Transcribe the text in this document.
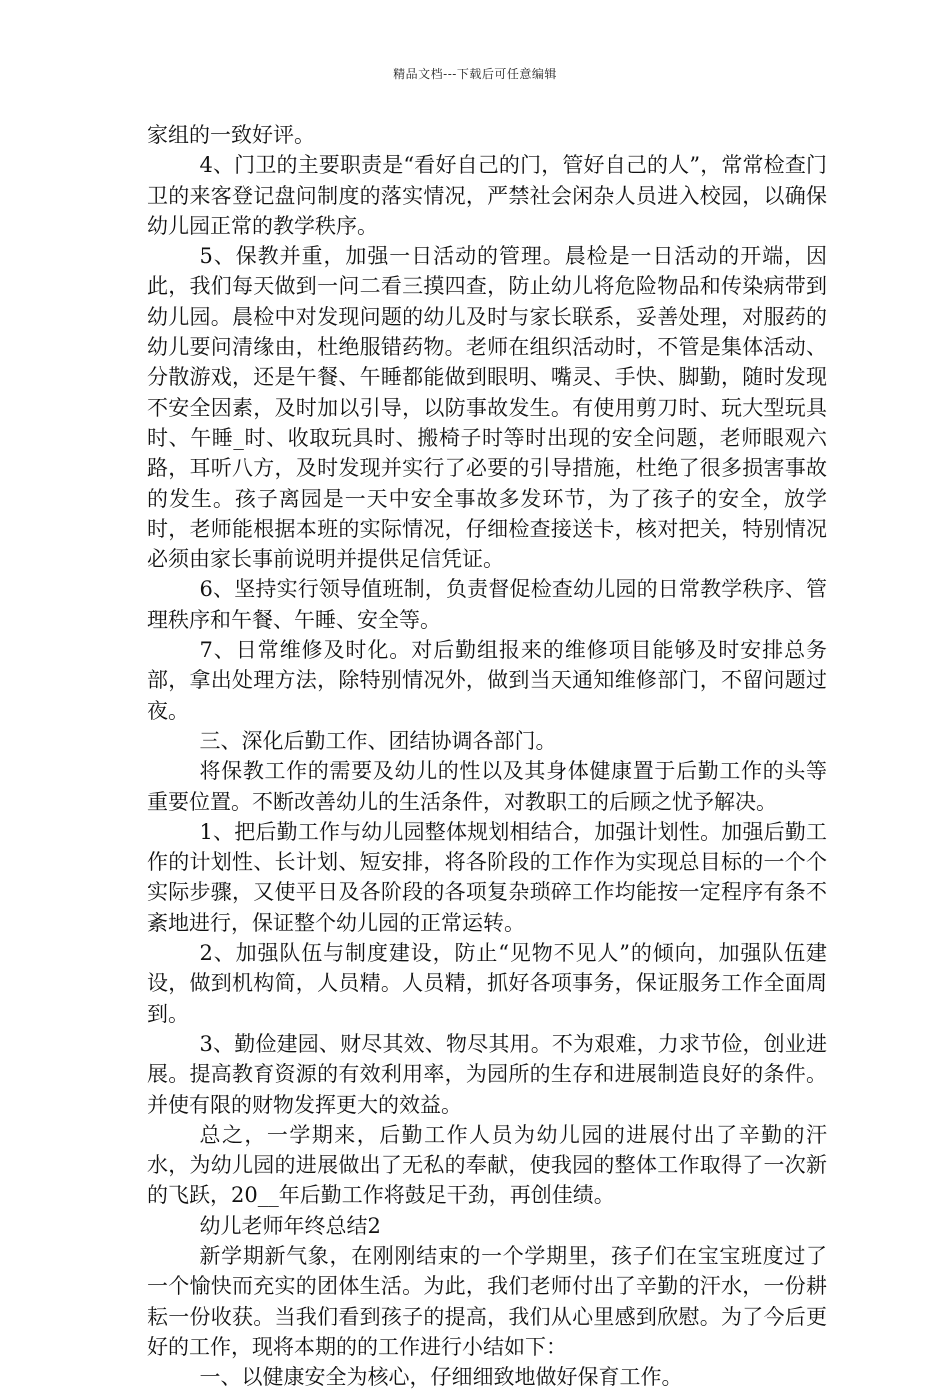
精品文档---下载后可任意编辑

家组的一致好评。

4、门卫的主要职责是“看好自己的门，管好自己的人”，常常检查门卫的来客登记盘问制度的落实情况，严禁社会闲杂人员进入校园，以确保幼儿园正常的教学秩序。

5、保教并重，加强一日活动的管理。晨检是一日活动的开端，因此，我们每天做到一问二看三摸四查，防止幼儿将危险物品和传染病带到幼儿园。晨检中对发现问题的幼儿及时与家长联系，妥善处理，对服药的幼儿要问清缘由，杜绝服错药物。老师在组织活动时，不管是集体活动、分散游戏，还是午餐、午睡都能做到眼明、嘴灵、手快、脚勤，随时发现不安全因素，及时加以引导，以防事故发生。有使用剪刀时、玩大型玩具时、午睡_时、收取玩具时、搬椅子时等时出现的安全问题，老师眼观六路，耳听八方，及时发现并实行了必要的引导措施，杜绝了很多损害事故的发生。孩子离园是一天中安全事故多发环节，为了孩子的安全，放学时，老师能根据本班的实际情况，仔细检查接送卡，核对把关，特别情况必须由家长事前说明并提供足信凭证。

6、坚持实行领导值班制，负责督促检查幼儿园的日常教学秩序、管理秩序和午餐、午睡、安全等。

7、日常维修及时化。对后勤组报来的维修项目能够及时安排总务部，拿出处理方法，除特别情况外，做到当天通知维修部门，不留问题过夜。

三、深化后勤工作、团结协调各部门。

将保教工作的需要及幼儿的性以及其身体健康置于后勤工作的头等重要位置。不断改善幼儿的生活条件，对教职工的后顾之忧予解决。

1、把后勤工作与幼儿园整体规划相结合，加强计划性。加强后勤工作的计划性、长计划、短安排，将各阶段的工作作为实现总目标的一个个实际步骤，又使平日及各阶段的各项复杂琐碎工作均能按一定程序有条不紊地进行，保证整个幼儿园的正常运转。

2、加强队伍与制度建设，防止“见物不见人”的倾向，加强队伍建设，做到机构简，人员精。人员精，抓好各项事务，保证服务工作全面周到。

3、勤俭建园、财尽其效、物尽其用。不为艰难，力求节俭，创业进展。提高教育资源的有效利用率，为园所的生存和进展制造良好的条件。并使有限的财物发挥更大的效益。

总之，一学期来，后勤工作人员为幼儿园的进展付出了辛勤的汗水，为幼儿园的进展做出了无私的奉献，使我园的整体工作取得了一次新的飞跃，20__年后勤工作将鼓足干劲，再创佳绩。

幼儿老师年终总结2

新学期新气象，在刚刚结束的一个学期里，孩子们在宝宝班度过了一个愉快而充实的团体生活。为此，我们老师付出了辛勤的汗水，一份耕耘一份收获。当我们看到孩子的提高，我们从心里感到欣慰。为了今后更好的工作，现将本期的的工作进行小结如下：

一、以健康安全为核心，仔细细致地做好保育工作。
